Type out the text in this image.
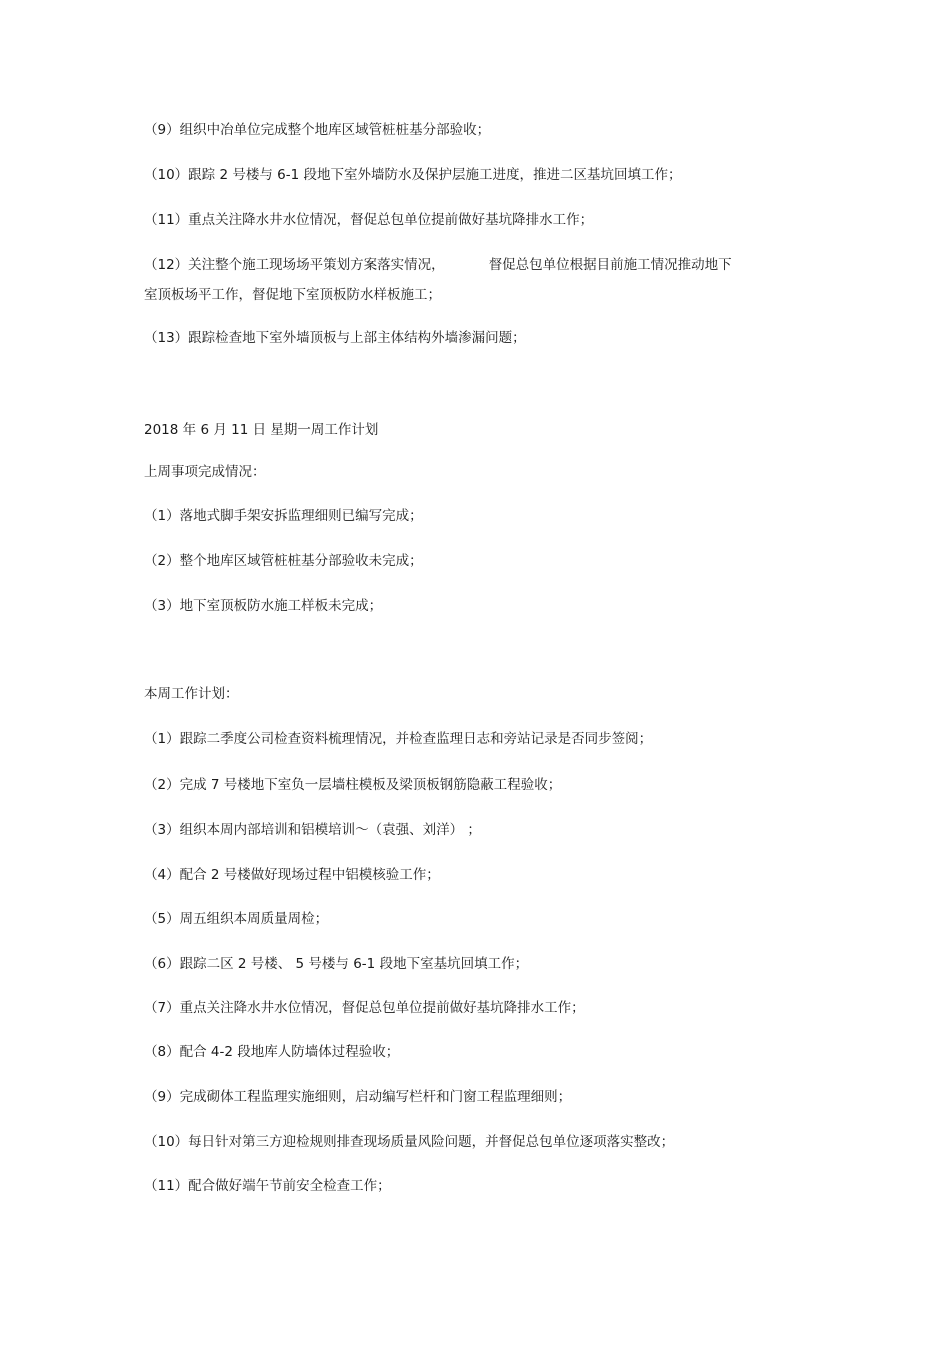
（9）组织中冶单位完成整个地库区域管桩桩基分部验收；
（10）跟踪 2 号楼与 6-1 段地下室外墙防水及保护层施工进度，推进二区基坑回填工作；
（11）重点关注降水井水位情况，督促总包单位提前做好基坑降排水工作；
（12）关注整个施工现场场平策划方案落实情况，	督促总包单位根据目前施工情况推动地下
室顶板场平工作，督促地下室顶板防水样板施工；
（13）跟踪检查地下室外墙顶板与上部主体结构外墙渗漏问题；
2018 年 6 月 11 日 星期一周工作计划
上周事项完成情况：
（1）落地式脚手架安拆监理细则已编写完成；
（2）整个地库区域管桩桩基分部验收未完成；
（3）地下室顶板防水施工样板未完成；
本周工作计划：
（1）跟踪二季度公司检查资料梳理情况，并检查监理日志和旁站记录是否同步签阅；
（2）完成 7 号楼地下室负一层墙柱模板及梁顶板钢筋隐蔽工程验收；
（3）组织本周内部培训和铝模培训～（袁强、刘洋） ；
（4）配合 2 号楼做好现场过程中铝模核验工作；
（5）周五组织本周质量周检；
（6）跟踪二区 2 号楼、 5 号楼与 6-1 段地下室基坑回填工作；
（7）重点关注降水井水位情况，督促总包单位提前做好基坑降排水工作；
（8）配合 4-2 段地库人防墙体过程验收；
（9）完成砌体工程监理实施细则，启动编写栏杆和门窗工程监理细则；
（10）每日针对第三方迎检规则排查现场质量风险问题，并督促总包单位逐项落实整改；
（11）配合做好端午节前安全检查工作；
